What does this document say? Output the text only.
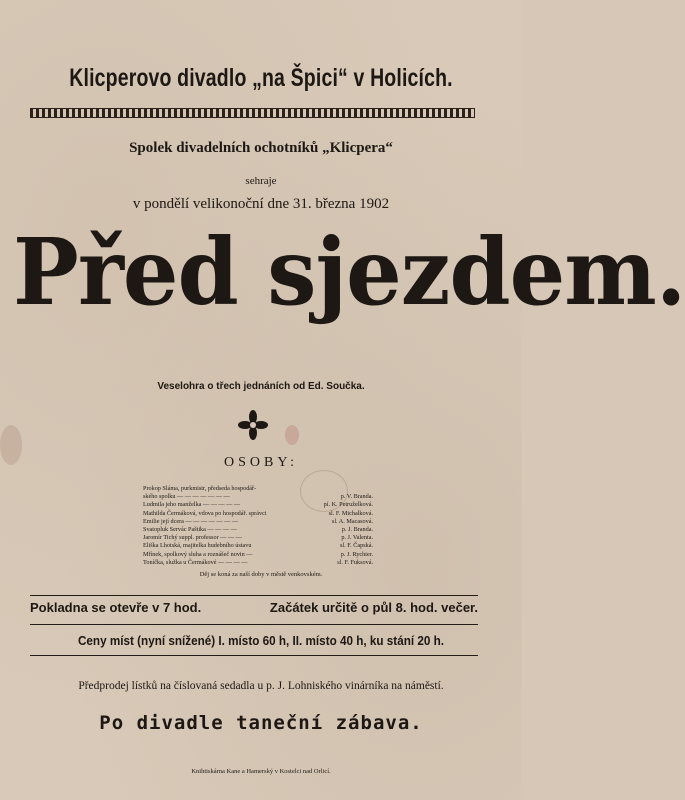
Klicperovo divadlo „na Špici“ v Holicích.
Spolek divadelních ochotníků „Klicpera“
sehraje
v pondělí velikonoční dne 31. března 1902
Před sjezdem.
Veselohra o třech jednáních od Ed. Součka.
OSOBY:
Prokop Sláma, purkmistr, předseda hospodář-
ského spolku — — — — — — —	p. V. Branda.
Ludmila jeho manželka — — — — —	pí. K. Petruželková.
Mathilda Čermáková, vdova po hospodář. správci	sl. F. Michalková.
Emilie její dcera — — — — — — —	sl. A. Macasová.
Svatopluk Servác Paštika — — — —	p. J. Branda.
Jaromír Tichý suppl. professor — — —	p. J. Valenta.
Eliška Lhotská, majitelka hudebního ústavu	sl. F. Čapská.
Mřínek, spolkový sluha a roznášeč novin —	p. J. Rychter.
Toníčka, služka u Čermákové — — — —	sl. F. Fuksová.
Děj se koná za naší doby v městě venkovském.
Pokladna se otevře v 7 hod.	Začátek určitě o půl 8. hod. večer.
Ceny míst (nyní snížené) I. místo 60 h, II. místo 40 h, ku stání 20 h.
Předprodej lístků na číslovaná sedadla u p. J. Lohniského vinárníka na náměstí.
Po divadle taneční zábava.
Knihtiskárna Kane a Hamerský v Kostelci nad Orlicí.
